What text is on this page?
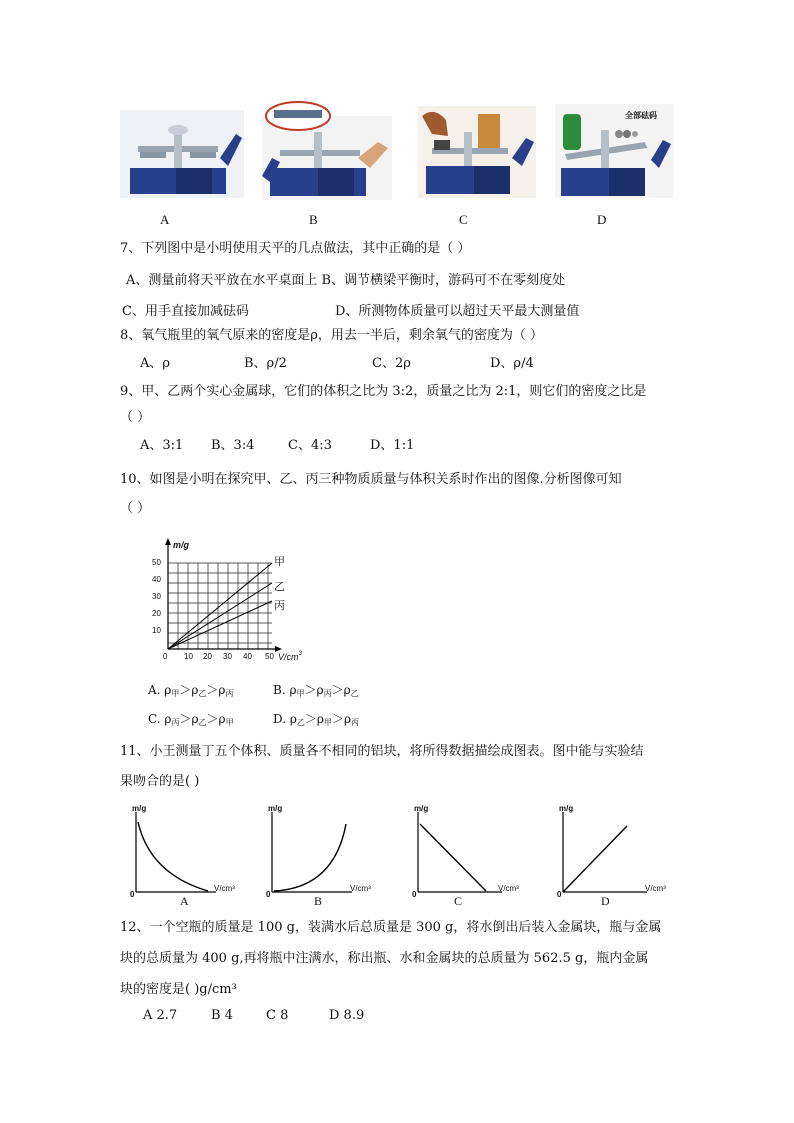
全部砝码
A	B	C	D
7、下列图中是小明使用天平的几点做法，其中正确的是（ ）
A、测量前将天平放在水平桌面上 B、调节横梁平衡时，游码可不在零刻度处
C、用手直接加减砝码	D、所测物体质量可以超过天平最大测量值
8、氧气瓶里的氧气原来的密度是ρ，用去一半后，剩余氧气的密度为（ ）
A、ρ	B、ρ/2	C、2ρ	D、ρ/4
9、甲、乙两个实心金属球，它们的体积之比为 3:2，质量之比为 2:1，则它们的密度之比是
（ ）
A、3:1 B、3:4	C、4:3	D、1:1
10、如图是小明在探究甲、乙、丙三种物质质量与体积关系时作出的图像.分析图像可知
（ ）
m/g
50
40
30
20
10
0 10 20 30 40 50 $V/cm^3$
甲
乙
丙
A. $\rho_甲>\rho_乙>\rho_丙$	B. $\rho_甲>\rho_丙>\rho_乙$
C. $\rho_丙>\rho_乙>\rho_甲$	D. $\rho_乙>\rho_甲>\rho_丙$
11、小王测量丁五个体积、质量各不相同的铝块，将所得数据描绘成图表。图中能与实验结
果吻合的是( )
m/g
0
V/cm³
A
m/g
0
V/cm³
B
m/g
0
V/cm³
C
m/g
0
V/cm³
D
12、一个空瓶的质量是 100 g，装满水后总质量是 300 g，将水倒出后装入金属块，瓶与金属
块的总质量为 400 g,再将瓶中注满水，称出瓶、水和金属块的总质量为 562.5 g，瓶内金属
块的密度是( )g/cm³
A 2.7	B 4	C 8	D 8.9
